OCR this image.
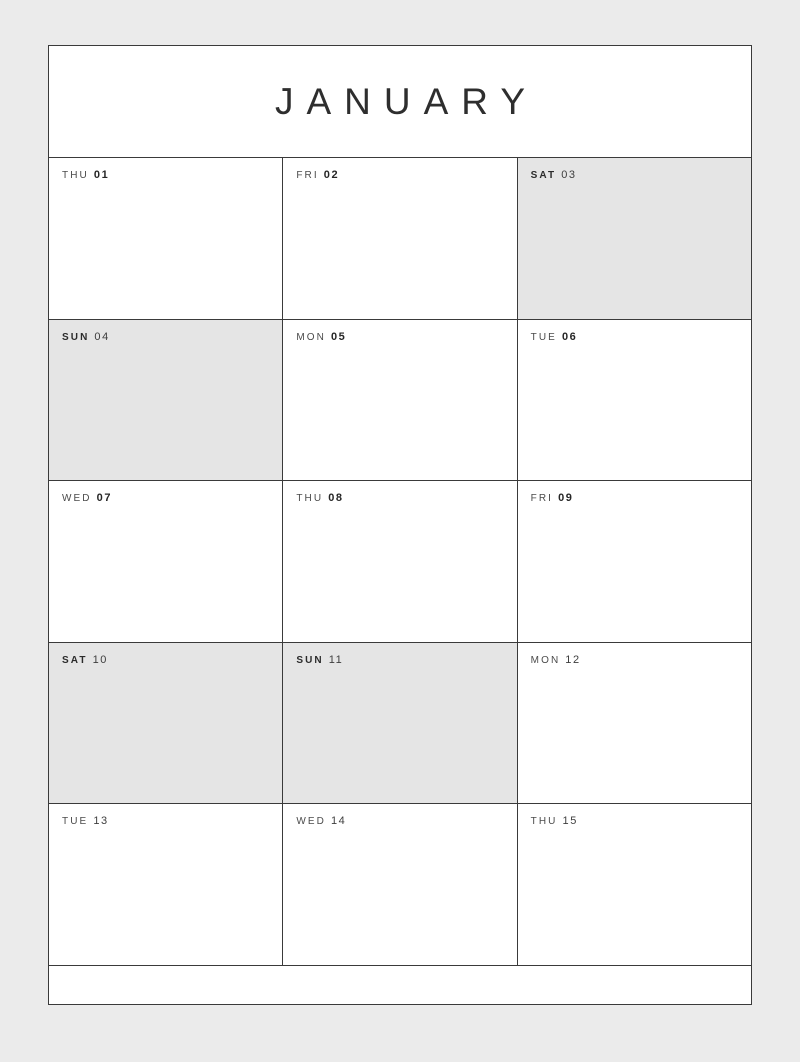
JANUARY
THU 01	FRI 02	SAT 03
SUN 04	MON 05	TUE 06
WED 07	THU 08	FRI 09
SAT 10	SUN 11	MON 12
TUE 13	WED 14	THU 15
